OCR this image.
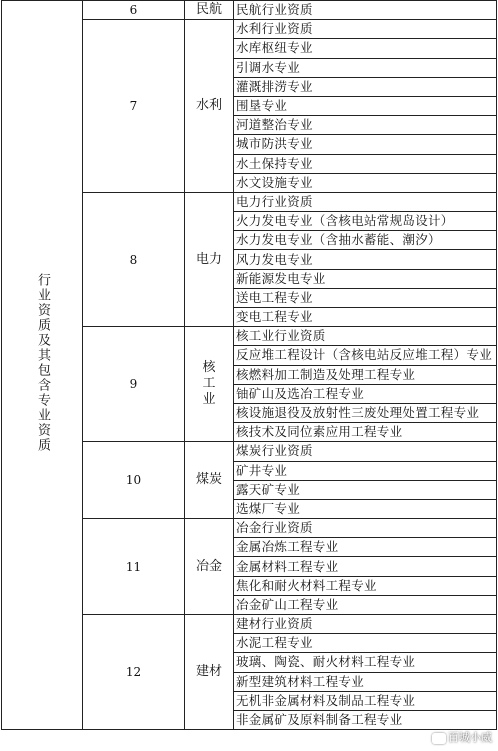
行业资质及其包含专业资质	6	民航	民航行业资质
	7	水利	水利行业资质
			水库枢纽专业
			引调水专业
			灌溉排涝专业
			围垦专业
			河道整治专业
			城市防洪专业
			水土保持专业
			水文设施专业
	8	电力	电力行业资质
			火力发电专业（含核电站常规岛设计）
			水力发电专业（含抽水蓄能、潮汐）
			风力发电专业
			新能源发电专业
			送电工程专业
			变电工程专业
	9	核工业	核工业行业资质
			反应堆工程设计（含核电站反应堆工程）专业
			核燃料加工制造及处理工程专业
			铀矿山及选冶工程专业
			核设施退役及放射性三废处理处置工程专业
			核技术及同位素应用工程专业
	10	煤炭	煤炭行业资质
			矿井专业
			露天矿专业
			选煤厂专业
	11	冶金	冶金行业资质
			金属冶炼工程专业
			金属材料工程专业
			焦化和耐火材料工程专业
			冶金矿山工程专业
	12	建材	建材行业资质
			水泥工程专业
			玻璃、陶瓷、耐火材料工程专业
			新型建筑材料工程专业
			无机非金属材料及制品工程专业
			非金属矿及原料制备工程专业
百城小威
